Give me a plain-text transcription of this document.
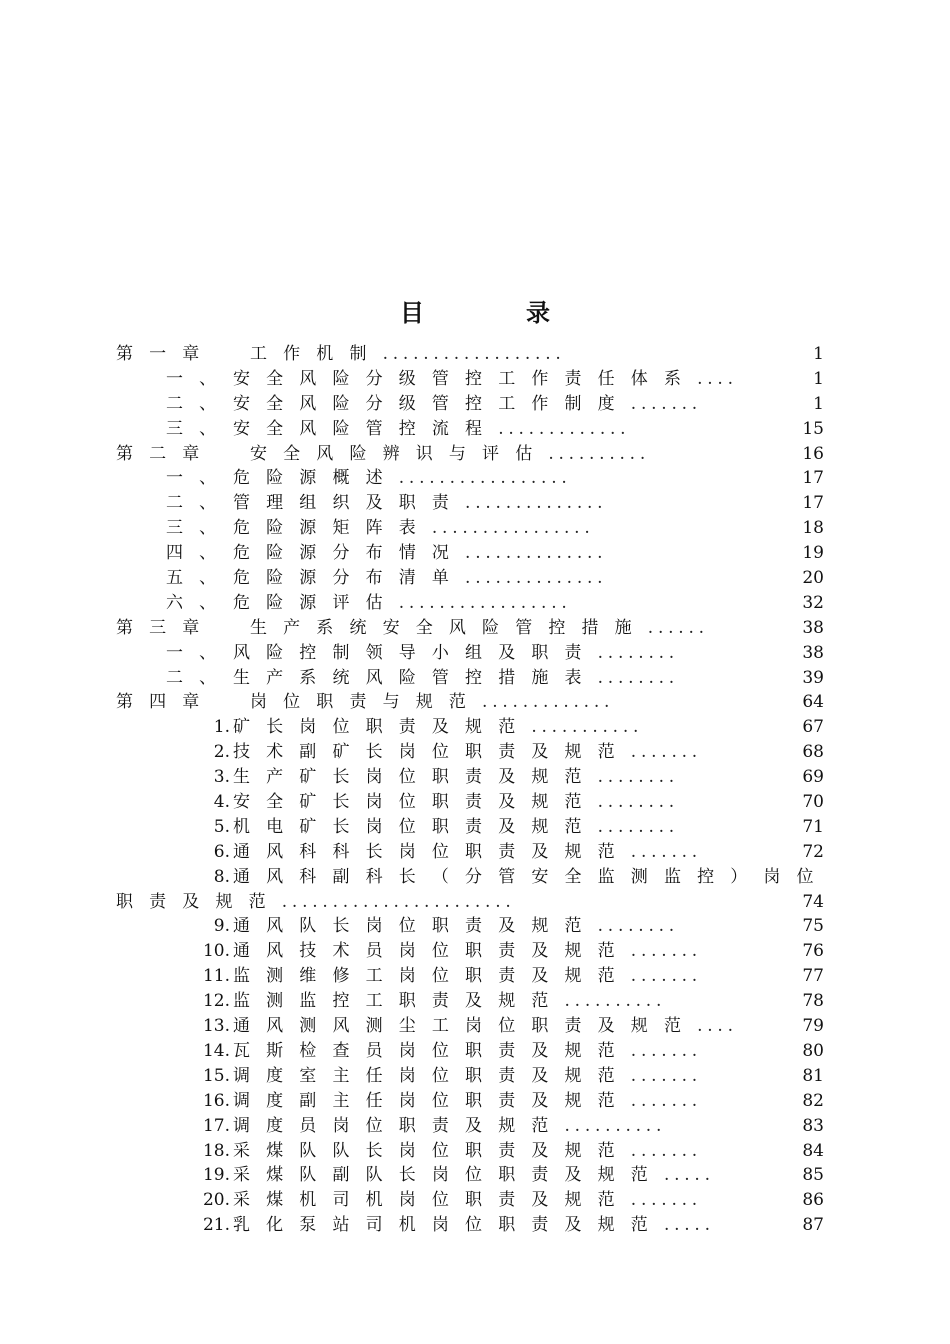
目	录
第一章 工作机制 ..................	1
一、 安全风险分级管控工作责任体系 ....	1
二、 安全风险分级管控工作制度 .......	1
三、 安全风险管控流程 .............	15
第二章 安全风险辨识与评估 ..........	16
一、 危险源概述 .................	17
二、 管理组织及职责 ..............	17
三、 危险源矩阵表 ................	18
四、 危险源分布情况 ..............	19
五、 危险源分布清单 ..............	20
六、 危险源评估 .................	32
第三章 生产系统安全风险管控措施 ......	38
一、 风险控制领导小组及职责 ........	38
二、 生产系统风险管控措施表 ........	39
第四章 岗位职责与规范 .............	64
1. 矿长岗位职责及规范 ...........	67
2. 技术副矿长岗位职责及规范 .......	68
3. 生产矿长岗位职责及规范 ........	69
4. 安全矿长岗位职责及规范 ........	70
5. 机电矿长岗位职责及规范 ........	71
6. 通风科科长岗位职责及规范 .......	72
8. 通风科副科长（分管安全监测监控）岗位
职责及规范 .......................	74
9. 通风队长岗位职责及规范 ........	75
10. 通风技术员岗位职责及规范 .......	76
11. 监测维修工岗位职责及规范 .......	77
12. 监测监控工职责及规范 ..........	78
13. 通风测风测尘工岗位职责及规范 ....	79
14. 瓦斯检查员岗位职责及规范 .......	80
15. 调度室主任岗位职责及规范 .......	81
16. 调度副主任岗位职责及规范 .......	82
17. 调度员岗位职责及规范 ..........	83
18. 采煤队队长岗位职责及规范 .......	84
19. 采煤队副队长岗位职责及规范 .....	85
20. 采煤机司机岗位职责及规范 .......	86
21. 乳化泵站司机岗位职责及规范 .....	87
